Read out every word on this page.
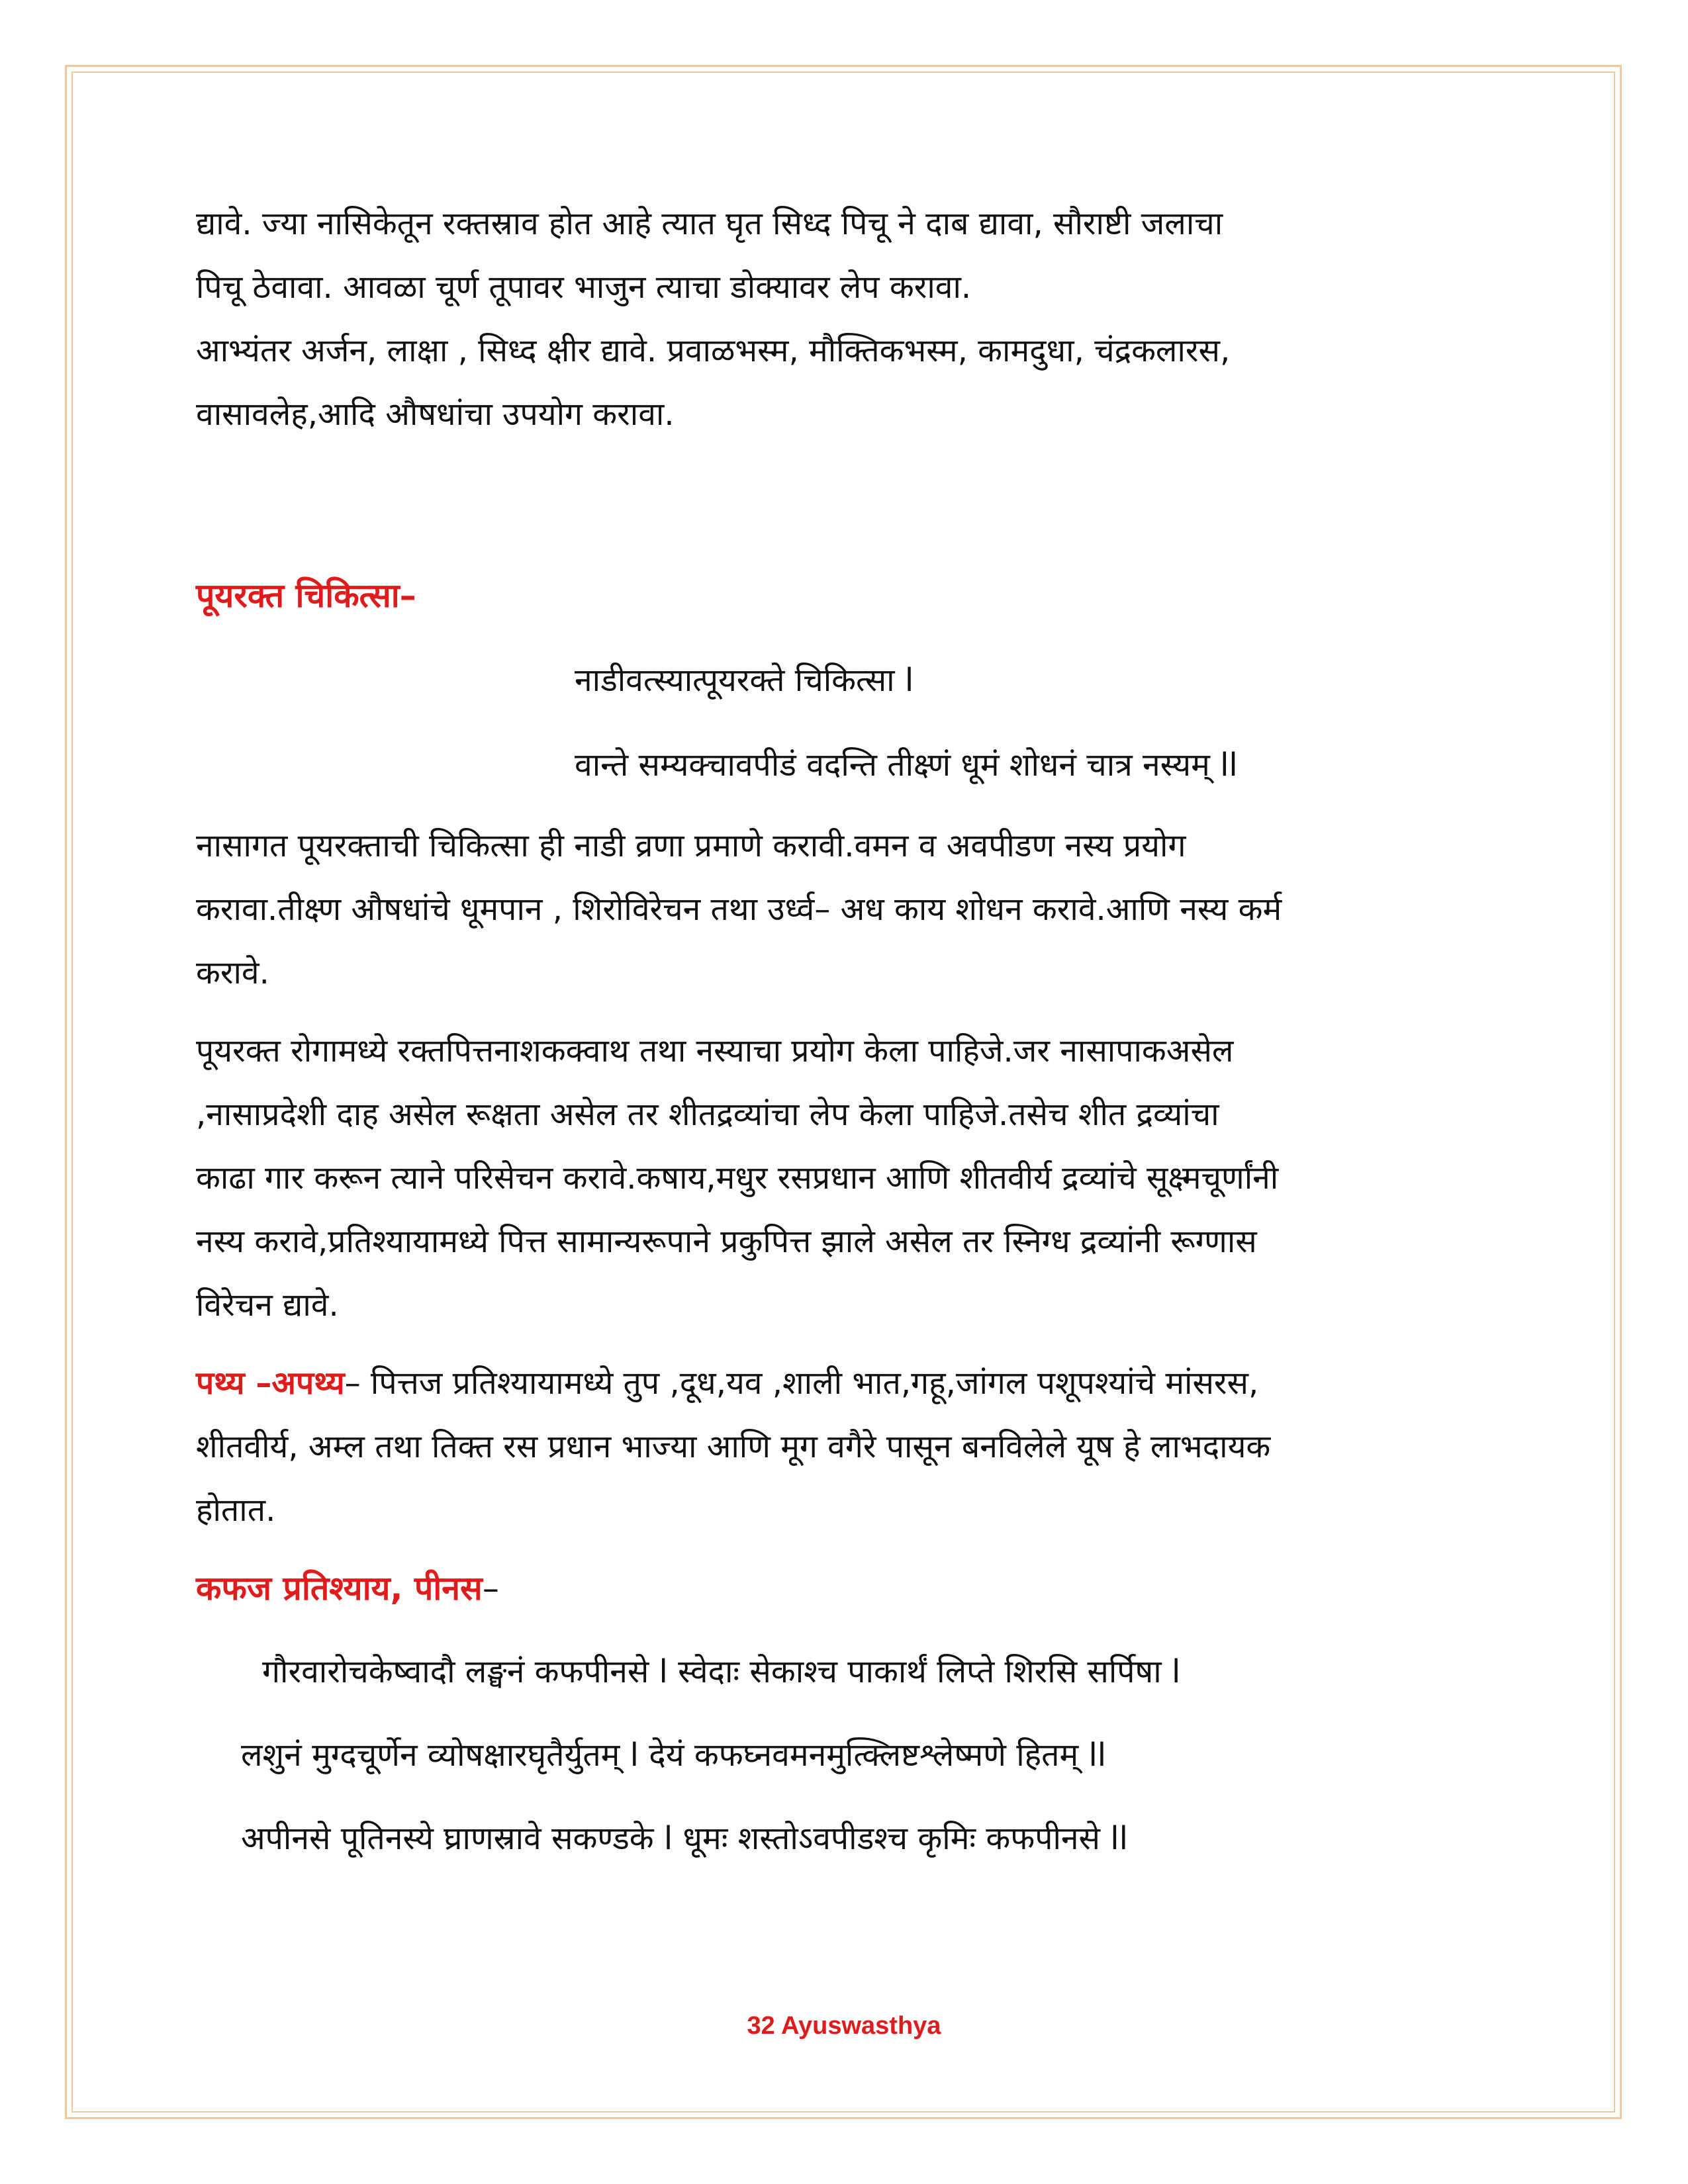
द्यावे. ज्या नासिकेतून रक्तस्राव होत आहे त्यात घृत सिध्द पिचू ने दाब द्यावा, सौराष्टी जलाचा

पिचू ठेवावा. आवळा चूर्ण तूपावर भाजुन त्याचा डोक्यावर लेप करावा.

आभ्यंतर अर्जन, लाक्षा , सिध्द क्षीर द्यावे. प्रवाळभस्म, मौक्तिकभस्म, कामदुधा, चंद्रकलारस,

वासावलेह,आदि औषधांचा उपयोग करावा.

पूयरक्त चिकित्सा–

नाडीवत्स्यात्पूयरक्ते चिकित्सा l

वान्ते सम्यक्चावपीडं वदन्ति तीक्ष्णं धूमं शोधनं चात्र नस्यम् ll

नासागत पूयरक्ताची चिकित्सा ही नाडी व्रणा प्रमाणे करावी.वमन व अवपीडण नस्य प्रयोग

करावा.तीक्ष्ण औषधांचे धूमपान , शिरोविरेचन तथा उर्ध्व– अध काय शोधन करावे.आणि नस्य कर्म

करावे.

पूयरक्त रोगामध्ये रक्तपित्तनाशकक्वाथ तथा नस्याचा प्रयोग केला पाहिजे.जर नासापाकअसेल

,नासाप्रदेशी दाह असेल रूक्षता असेल तर शीतद्रव्यांचा लेप केला पाहिजे.तसेच शीत द्रव्यांचा

काढा गार करून त्याने परिसेचन करावे.कषाय,मधुर रसप्रधान आणि शीतवीर्य द्रव्यांचे सूक्ष्मचूर्णांनी

नस्य करावे,प्रतिश्यायामध्ये पित्त सामान्यरूपाने प्रकुपित्त झाले असेल तर स्निग्ध द्रव्यांनी रूग्णास

विरेचन द्यावे.

पथ्य –अपथ्य– पित्तज प्रतिश्यायामध्ये तुप ,दूध,यव ,शाली भात,गहू,जांगल पशूपश्यांचे मांसरस,

शीतवीर्य, अम्ल तथा तिक्त रस प्रधान भाज्या आणि मूग वगैरे पासून बनविलेले यूष हे लाभदायक

होतात.

कफज प्रतिश्याय, पीनस–

गौरवारोचकेष्वादौ लङ्घनं कफपीनसे l स्वेदाः सेकाश्च पाकार्थं लिप्ते शिरसि सर्पिषा l

लशुनं मुग्दचूर्णेन व्योषक्षारघृतैर्युतम् l देयं कफघ्नवमनमुत्क्लिष्टश्लेष्मणे हितम् ll

अपीनसे पूतिनस्ये घ्राणस्रावे सकण्डके l धूमः शस्तोऽवपीडश्च कृमिः कफपीनसे ll

32 Ayuswasthya
